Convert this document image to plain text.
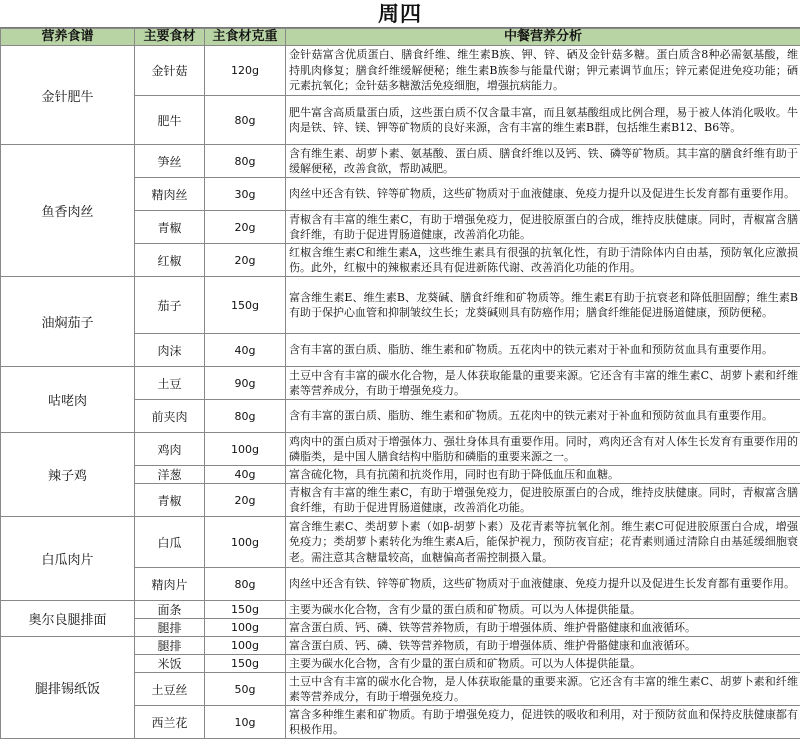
周四
营养食谱	主要食材	主食材克重	中餐营养分析
金针肥牛	金针菇	120g	金针菇富含优质蛋白、膳食纤维、维生素B族、钾、锌、硒及金针菇多糖。蛋白质含8种必需氨基酸，维持肌肉修复；膳食纤维缓解便秘；维生素B族参与能量代谢；钾元素调节血压；锌元素促进免疫功能；硒元素抗氧化；金针菇多糖激活免疫细胞，增强抗病能力。
	肥牛	80g	肥牛富含高质量蛋白质，这些蛋白质不仅含量丰富，而且氨基酸组成比例合理，易于被人体消化吸收。牛肉是铁、锌、镁、钾等矿物质的良好来源，含有丰富的维生素B群，包括维生素B12、B6等。
鱼香肉丝	笋丝	80g	含有维生素、胡萝卜素、氨基酸、蛋白质、膳食纤维以及钙、铁、磷等矿物质。其丰富的膳食纤维有助于缓解便秘，改善食欲，帮助减肥。
	精肉丝	30g	肉丝中还含有铁、锌等矿物质，这些矿物质对于血液健康、免疫力提升以及促进生长发育都有重要作用。
	青椒	20g	青椒含有丰富的维生素C，有助于增强免疫力，促进胶原蛋白的合成，维持皮肤健康。同时，青椒富含膳食纤维，有助于促进胃肠道健康，改善消化功能。
	红椒	20g	红椒含维生素C和维生素A，这些维生素具有很强的抗氧化性，有助于清除体内自由基，预防氧化应激损伤。此外，红椒中的辣椒素还具有促进新陈代谢、改善消化功能的作用。
油焖茄子	茄子	150g	富含维生素E、维生素B、龙葵碱、膳食纤维和矿物质等。维生素E有助于抗衰老和降低胆固醇；维生素B有助于保护心血管和抑制皱纹生长；龙葵碱则具有防癌作用；膳食纤维能促进肠道健康，预防便秘。
	肉沫	40g	含有丰富的蛋白质、脂肪、维生素和矿物质。五花肉中的铁元素对于补血和预防贫血具有重要作用。
咕咾肉	土豆	90g	土豆中含有丰富的碳水化合物，是人体获取能量的重要来源。它还含有丰富的维生素C、胡萝卜素和纤维素等营养成分，有助于增强免疫力。
	前夹肉	80g	含有丰富的蛋白质、脂肪、维生素和矿物质。五花肉中的铁元素对于补血和预防贫血具有重要作用。
辣子鸡	鸡肉	100g	鸡肉中的蛋白质对于增强体力、强壮身体具有重要作用。同时，鸡肉还含有对人体生长发育有重要作用的磷脂类，是中国人膳食结构中脂肪和磷脂的重要来源之一。
	洋葱	40g	富含硫化物，具有抗菌和抗炎作用，同时也有助于降低血压和血糖。
	青椒	20g	青椒含有丰富的维生素C，有助于增强免疫力，促进胶原蛋白的合成，维持皮肤健康。同时，青椒富含膳食纤维，有助于促进胃肠道健康，改善消化功能。
白瓜肉片	白瓜	100g	富含维生素C、类胡萝卜素（如β-胡萝卜素）及花青素等抗氧化剂。维生素C可促进胶原蛋白合成，增强免疫力；类胡萝卜素转化为维生素A后，能保护视力，预防夜盲症；花青素则通过清除自由基延缓细胞衰老。需注意其含糖量较高，血糖偏高者需控制摄入量。
	精肉片	80g	肉丝中还含有铁、锌等矿物质，这些矿物质对于血液健康、免疫力提升以及促进生长发育都有重要作用。
奥尔良腿排面	面条	150g	主要为碳水化合物，含有少量的蛋白质和矿物质。可以为人体提供能量。
	腿排	100g	富含蛋白质、钙、磷、铁等营养物质，有助于增强体质、维护骨骼健康和血液循环。
腿排锡纸饭	腿排	100g	富含蛋白质、钙、磷、铁等营养物质，有助于增强体质、维护骨骼健康和血液循环。
	米饭	150g	主要为碳水化合物，含有少量的蛋白质和矿物质。可以为人体提供能量。
	土豆丝	50g	土豆中含有丰富的碳水化合物，是人体获取能量的重要来源。它还含有丰富的维生素C、胡萝卜素和纤维素等营养成分，有助于增强免疫力。
	西兰花	10g	富含多种维生素和矿物质。有助于增强免疫力，促进铁的吸收和利用，对于预防贫血和保持皮肤健康都有积极作用。
